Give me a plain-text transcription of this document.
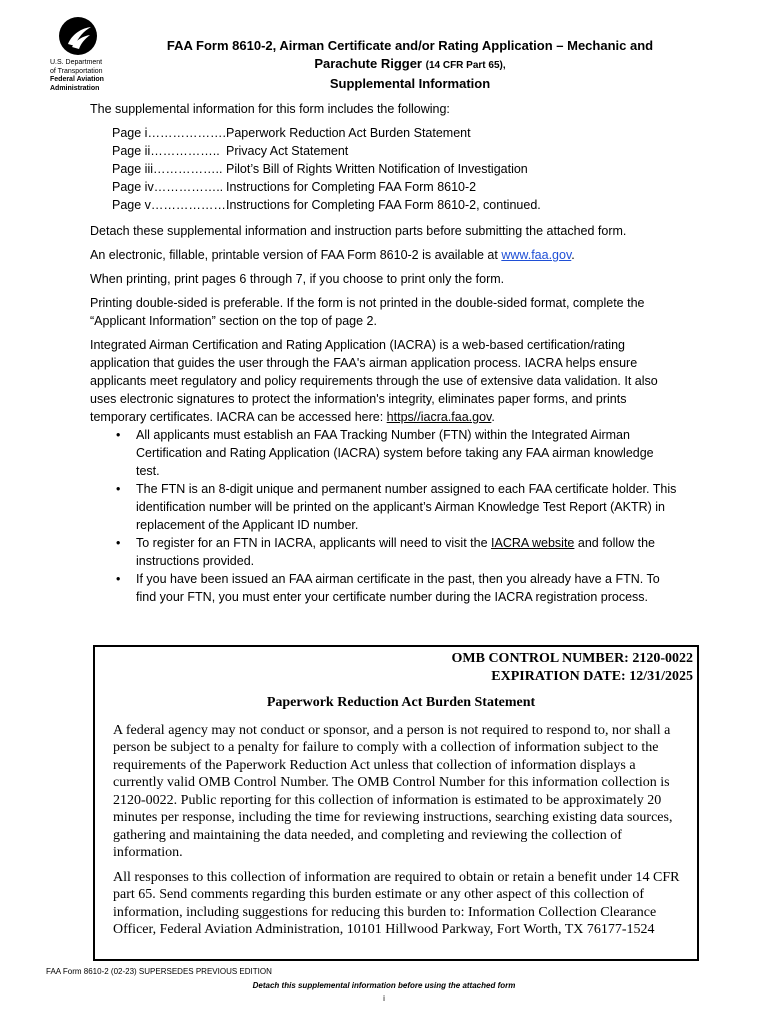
U.S. Department
of Transportation
Federal Aviation
Administration
FAA Form 8610-2, Airman Certificate and/or Rating Application – Mechanic and
Parachute Rigger (14 CFR Part 65),
Supplemental Information

The supplemental information for this form includes the following:

Page i……………….Paperwork Reduction Act Burden Statement
Page ii…………….. Privacy Act Statement
Page iii…………….. Pilot’s Bill of Rights Written Notification of Investigation
Page iv…………….. Instructions for Completing FAA Form 8610-2
Page v……………….Instructions for Completing FAA Form 8610-2, continued.

Detach these supplemental information and instruction parts before submitting the attached form.

An electronic, fillable, printable version of FAA Form 8610-2 is available at www.faa.gov.

When printing, print pages 6 through 7, if you choose to print only the form.

Printing double-sided is preferable. If the form is not printed in the double-sided format, complete the “Applicant Information” section on the top of page 2.

Integrated Airman Certification and Rating Application (IACRA) is a web-based certification/rating application that guides the user through the FAA's airman application process. IACRA helps ensure applicants meet regulatory and policy requirements through the use of extensive data validation. It also uses electronic signatures to protect the information's integrity, eliminates paper forms, and prints temporary certificates. IACRA can be accessed here: https//iacra.faa.gov.

• All applicants must establish an FAA Tracking Number (FTN) within the Integrated Airman Certification and Rating Application (IACRA) system before taking any FAA airman knowledge test.
• The FTN is an 8-digit unique and permanent number assigned to each FAA certificate holder. This identification number will be printed on the applicant’s Airman Knowledge Test Report (AKTR) in replacement of the Applicant ID number.
• To register for an FTN in IACRA, applicants will need to visit the IACRA website and follow the instructions provided.
• If you have been issued an FAA airman certificate in the past, then you already have a FTN. To find your FTN, you must enter your certificate number during the IACRA registration process.
OMB CONTROL NUMBER: 2120-0022
EXPIRATION DATE: 12/31/2025
Paperwork Reduction Act Burden Statement

A federal agency may not conduct or sponsor, and a person is not required to respond to, nor shall a person be subject to a penalty for failure to comply with a collection of information subject to the requirements of the Paperwork Reduction Act unless that collection of information displays a currently valid OMB Control Number. The OMB Control Number for this information collection is 2120-0022. Public reporting for this collection of information is estimated to be approximately 20 minutes per response, including the time for reviewing instructions, searching existing data sources, gathering and maintaining the data needed, and completing and reviewing the collection of information.

All responses to this collection of information are required to obtain or retain a benefit under 14 CFR part 65. Send comments regarding this burden estimate or any other aspect of this collection of information, including suggestions for reducing this burden to: Information Collection Clearance Officer, Federal Aviation Administration, 10101 Hillwood Parkway, Fort Worth, TX 76177-1524

FAA Form 8610-2 (02-23) SUPERSEDES PREVIOUS EDITION
Detach this supplemental information before using the attached form
i
